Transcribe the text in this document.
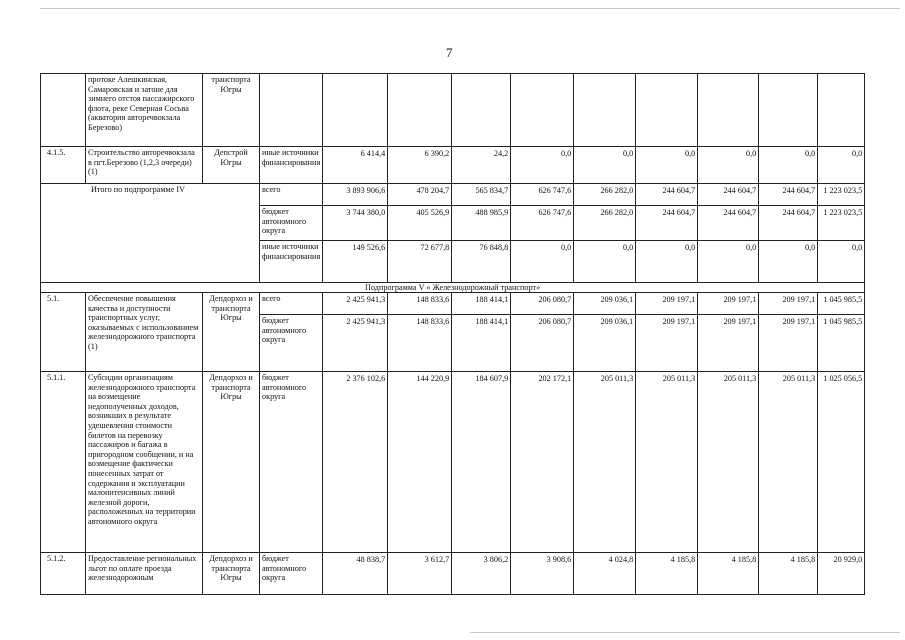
7
	протоке Алешкинская, Самаровская и затоне для зимнего отстоя пассажирского флота, реке Северная Сосьва (акватория авторечвокзала Березово)	транспорта Югры										
4.1.5.	Строительство авторечвокзала в пгт.Березово (1,2,3 очереди) (1)	Депстрой Югры	иные источники финансирования	6 414,4	6 390,2	24,2	0,0	0,0	0,0	0,0	0,0	0,0
Итого по подпрограмме IV			всего	3 893 906,6	478 204,7	565 834,7	626 747,6	266 282,0	244 604,7	244 604,7	244 604,7	1 223 023,5
			бюджет автономного округа	3 744 380,0	405 526,9	488 985,9	626 747,6	266 282,0	244 604,7	244 604,7	244 604,7	1 223 023,5
			иные источники финансирования	149 526,6	72 677,8	76 848,8	0,0	0,0	0,0	0,0	0,0	0,0
Подпрограмма V « Железнодорожный транспорт»												
5.1.	Обеспечение повышения качества и доступности транспортных услуг, оказываемых с использованием железнодорожного транспорта (1)	Депдорхоз и транспорта Югры	всего	2 425 941,3	148 833,6	188 414,1	206 080,7	209 036,1	209 197,1	209 197,1	209 197,1	1 045 985,5
			бюджет автономного округа	2 425 941,3	148 833,6	188 414,1	206 080,7	209 036,1	209 197,1	209 197,1	209 197,1	1 045 985,5
5.1.1.	Субсидии организациям железнодорожного транспорта на возмещение недополученных доходов, возникших в результате удешевления стоимости билетов на перевозку пассажиров и багажа в пригородном сообщении, и на возмещение фактически понесенных затрат от содержания и эксплуатации малоинтенсивных линий железной дороги, расположенных на территории автономного округа	Депдорхоз и транспорта Югры	бюджет автономного округа	2 376 102,6	144 220,9	184 607,9	202 172,1	205 011,3	205 011,3	205 011,3	205 011,3	1 025 056,5
5.1.2.	Предоставление региональных льгот по оплате проезда железнодорожным	Депдорхоз и транспорта Югры	бюджет автономного округа	48 838,7	3 612,7	3 806,2	3 908,6	4 024,8	4 185,8	4 185,8	4 185,8	20 929,0
